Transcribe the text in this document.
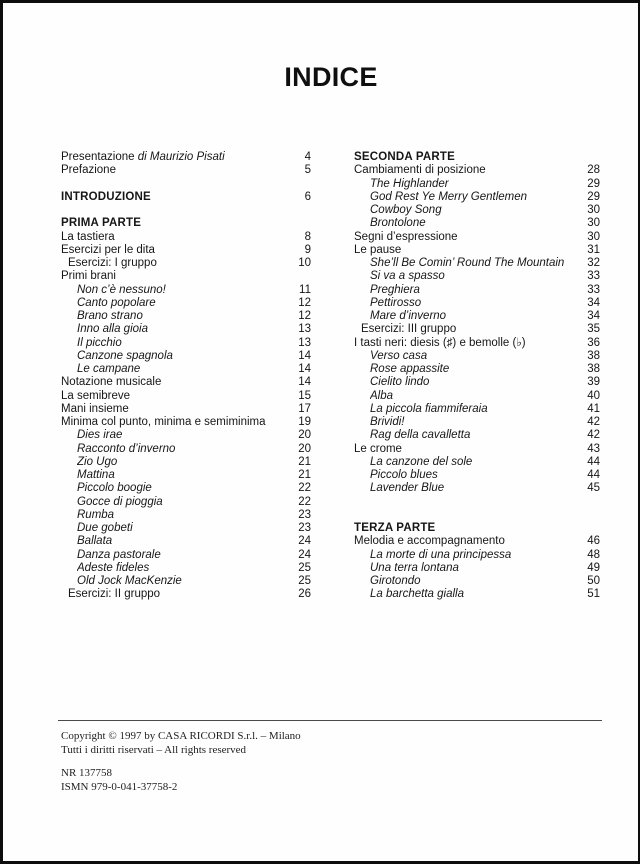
INDICE
Presentazione di Maurizio Pisati	4
Prefazione	5
INTRODUZIONE	6
PRIMA PARTE
La tastiera	8
Esercizi per le dita	9
Esercizi: I gruppo	10
Primi brani
Non c’è nessuno!	11
Canto popolare	12
Brano strano	12
Inno alla gioia	13
Il picchio	13
Canzone spagnola	14
Le campane	14
Notazione musicale	14
La semibreve	15
Mani insieme	17
Minima col punto, minima e semiminima	19
Dies irae	20
Racconto d’inverno	20
Zio Ugo	21
Mattina	21
Piccolo boogie	22
Gocce di pioggia	22
Rumba	23
Due gobeti	23
Ballata	24
Danza pastorale	24
Adeste fideles	25
Old Jock MacKenzie	25
Esercizi: II gruppo	26
SECONDA PARTE
Cambiamenti di posizione	28
The Highlander	29
God Rest Ye Merry Gentlemen	29
Cowboy Song	30
Brontolone	30
Segni d’espressione	30
Le pause	31
She’ll Be Comin’ Round The Mountain	32
Si va a spasso	33
Preghiera	33
Pettirosso	34
Mare d’inverno	34
Esercizi: III gruppo	35
I tasti neri: diesis (♯) e bemolle (♭)	36
Verso casa	38
Rose appassite	38
Cielito lindo	39
Alba	40
La piccola fiammiferaia	41
Brividi!	42
Rag della cavalletta	42
Le crome	43
La canzone del sole	44
Piccolo blues	44
Lavender Blue	45
TERZA PARTE
Melodia e accompagnamento	46
La morte di una principessa	48
Una terra lontana	49
Girotondo	50
La barchetta gialla	51
Copyright © 1997 by CASA RICORDI S.r.l. – Milano
Tutti i diritti riservati – All rights reserved
NR 137758
ISMN 979-0-041-37758-2
